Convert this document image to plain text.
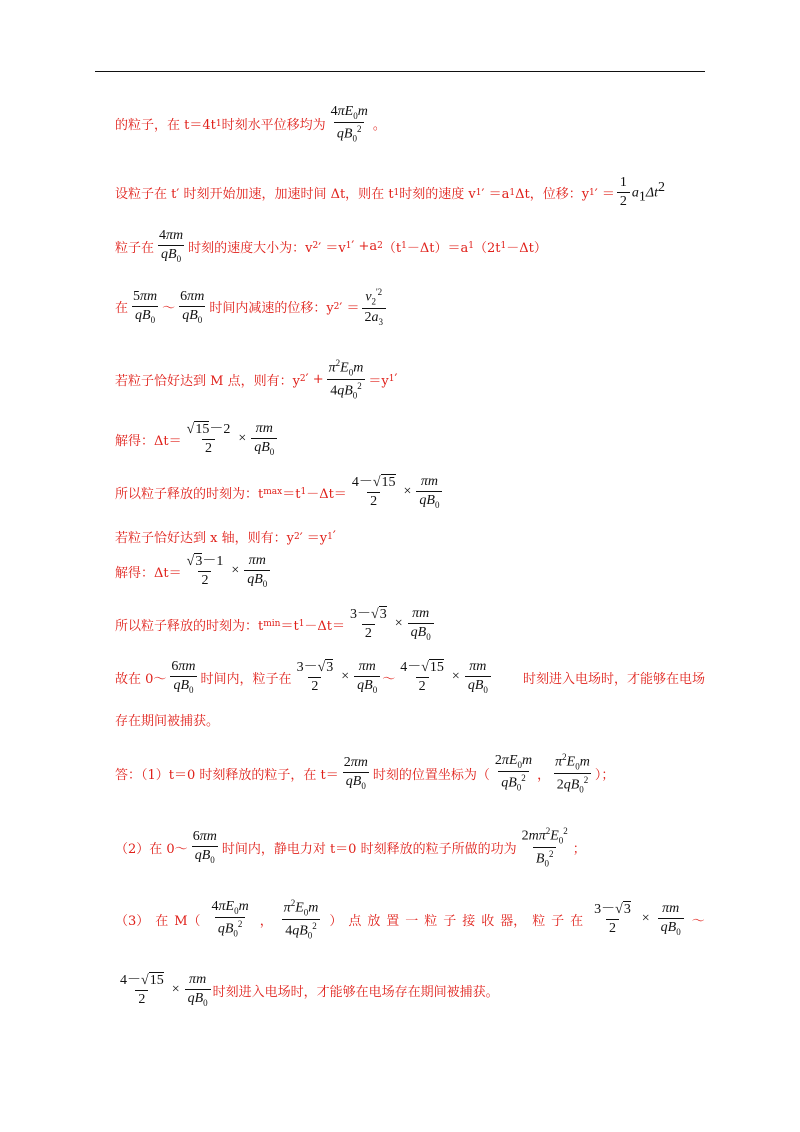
的粒子，在 t＝4t 1 时刻水平位移均为 $\frac{4\pi E_0m}{qB_0^2}$ 。
设粒子在 t′ 时刻开始加速，加速时间 Δt，则在 t 1 时刻的速度 v 1 ′ ＝a 1 Δt，位移：y 1 ′ ＝ $\frac{1}{2} a_1\Delta t^2$
粒子在 $\frac{4\pi m}{qB_0}$ 时刻的速度大小为：v 2 ′ ＝v 1 ′ +a 2 （t 1 －Δt）＝a 1 （2t 1 －Δt）
在 $\frac{5\pi m}{qB_0}$ ～ $\frac{6\pi m}{qB_0}$ 时间内减速的位移：y 2 ′ ＝ $\frac{v_2^{'2}}{2a_3}$
若粒子恰好达到 M 点，则有：y 2 ′ + $\frac{\pi^2E_0m}{4qB_0^2} =y$ 1 ′
解得：$\Delta t= \frac{√15-2}{2} \times \frac{\pi m}{qB_0}$
所以粒子释放的时刻为：t max ＝t $1 -\Delta t= \frac{4-√15}{2} \times \frac{\pi m}{qB_0}$
若粒子恰好达到 x 轴，则有：y 2 ′ ＝y 1 ′
解得：$\Delta t= \frac{√3-1}{2} \times \frac{\pi m}{qB_0}$
所以粒子释放的时刻为：t min ＝t $1 -\Delta t= \frac{3-√3}{2} \times \frac{\pi m}{qB_0}$
故在 0～ $\frac{6\pi m}{qB_0}$ 时间内，粒子在 $\frac{3-√3}{2} \times \frac{\pi m}{qB_0}$ ～ $\frac{4-√15}{2} \times \frac{\pi m}{qB_0}$ 时刻进入电场时，才能够在电场
存在期间被捕获。
答：（1）t＝0 时刻释放的粒子，在 $t= \frac{2\pi m}{qB_0}$ 时刻的位置坐标为（ $\frac{2\pi E_0m}{qB_0^2}$ ， $\frac{\pi^2E_0m}{2qB_0^2}$ ）；
（2）在 0～ $\frac{6\pi m}{qB_0}$ 时间内，静电力对 t＝0 时刻释放的粒子所做的功为 $\frac{2m\pi^2E_0^2}{B_0^2}$ ；
（3） 在 $M( \frac{4\pi E_0m}{qB_0^2}$ ， $\frac{\pi^2E_0m}{4qB_0^2}$ ） 点 放 置 一 粒 子 接 收 器， 粒 子 在 $\frac{3-√3}{2} \times \frac{\pi m}{qB_0}$ ～
$\frac{4-√15}{2} \times \frac{\pi m}{qB_0}$ 时刻进入电场时，才能够在电场存在期间被捕获。
